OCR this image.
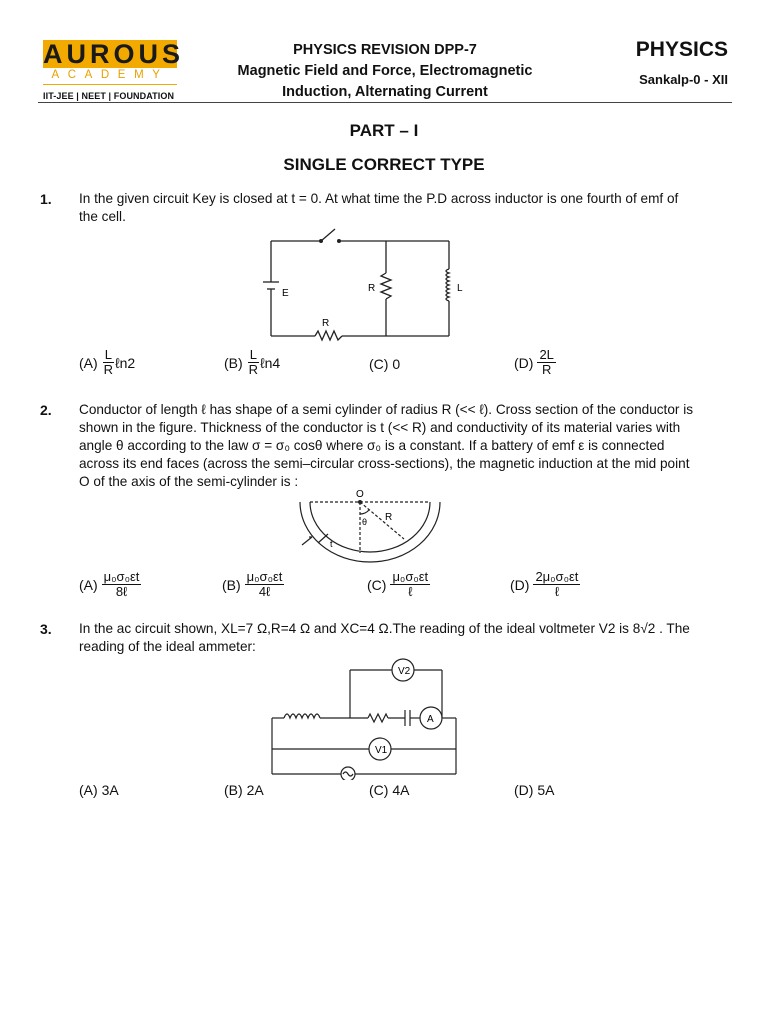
AUROUS
ACADEMY
IIT-JEE | NEET | FOUNDATION
PHYSICS REVISION DPP-7
Magnetic Field and Force, Electromagnetic
Induction, Alternating Current
PHYSICS
Sankalp-0 - XII
PART – I
SINGLE CORRECT TYPE
1. In the given circuit Key is closed at t = 0. At what time the P.D across inductor is one fourth of emf of the cell.
E	R	L
R
$(A) \frac{L}{R}$ ℓn2	$(B) \frac{L}{R}$ ℓn4	(C)
0	$(D) \frac{2L}{R}$
2. Conductor of length ℓ has shape of a semi cylinder of radius R (<< ℓ). Cross section of the conductor is shown in the figure. Thickness of the conductor is t (<< R) and conductivity of its material varies with angle θ according to the law σ = σ₀ cosθ where σ₀ is a constant. If a battery of emf ε is connected across its end faces (across the semi–circular cross-sections), the magnetic induction at the mid point O of the axis of the semi-cylinder is :
O
θ R
t
$(A) \frac{\text{μ₀σ₀εt}}{\text{8ℓ}}$	$(B) \frac{\text{μ₀σ₀εt}}{\text{4ℓ}}$	$(C) \frac{\text{μ₀σ₀εt}}{\text{ℓ}}$	$(D) \frac{\text{2μ₀σ₀εt}}{\text{ℓ}}$
3. In the ac circuit shown, XL=7 Ω,R=4 Ω and XC=4 Ω.The reading of the ideal voltmeter V2 is 8√2 . The reading of the ideal ammeter:
V2
A
V1
(A)
3A	(B)
2A	(C)
4A	(D)
5A
